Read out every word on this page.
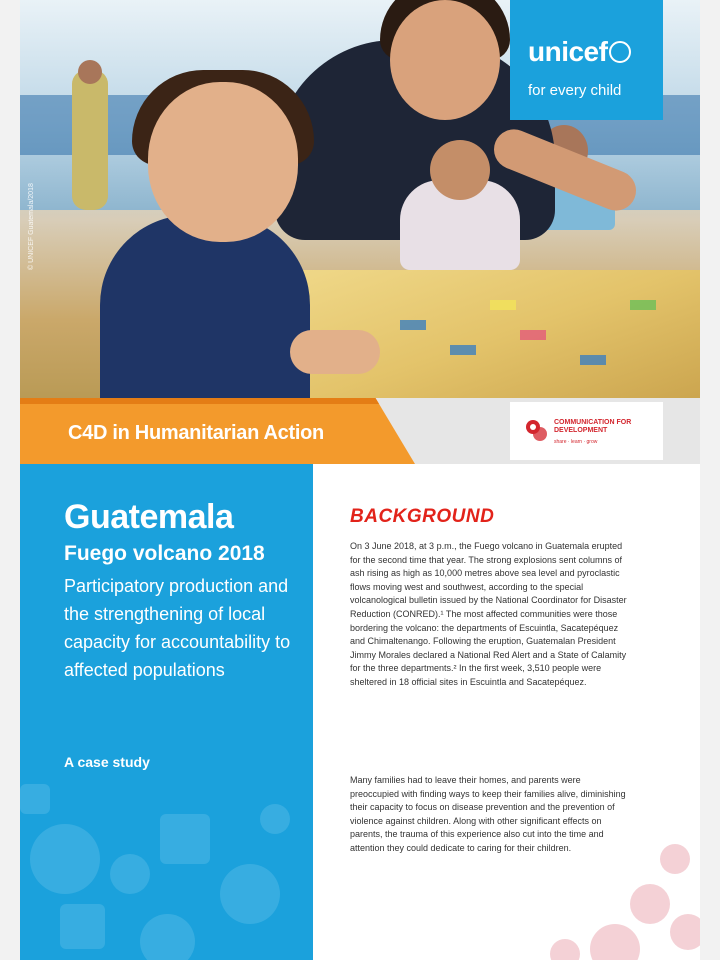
© UNICEF Guatemala/2018
unicef
for every child
C4D in Humanitarian Action	COMMUNICATION FOR DEVELOPMENT
share · learn · grow
Guatemala
Fuego volcano 2018
Participatory production and the strengthening of local capacity for accountability to affected populations
A case study
BACKGROUND
On 3 June 2018, at 3 p.m., the Fuego volcano in Guatemala erupted for the second time that year. The strong explosions sent columns of ash rising as high as 10,000 metres above sea level and pyroclastic flows moving west and southwest, according to the special volcanological bulletin issued by the National Coordinator for Disaster Reduction (CONRED).¹ The most affected communities were those bordering the volcano: the departments of Escuintla, Sacatepéquez and Chimaltenango. Following the eruption, Guatemalan President Jimmy Morales declared a National Red Alert and a State of Calamity for the three departments.² In the first week, 3,510 people were sheltered in 18 official sites in Escuintla and Sacatepéquez.
Many families had to leave their homes, and parents were preoccupied with finding ways to keep their families alive, diminishing their capacity to focus on disease prevention and the prevention of violence against children. Along with other significant effects on parents, the trauma of this experience also cut into the time and attention they could dedicate to caring for their children.
